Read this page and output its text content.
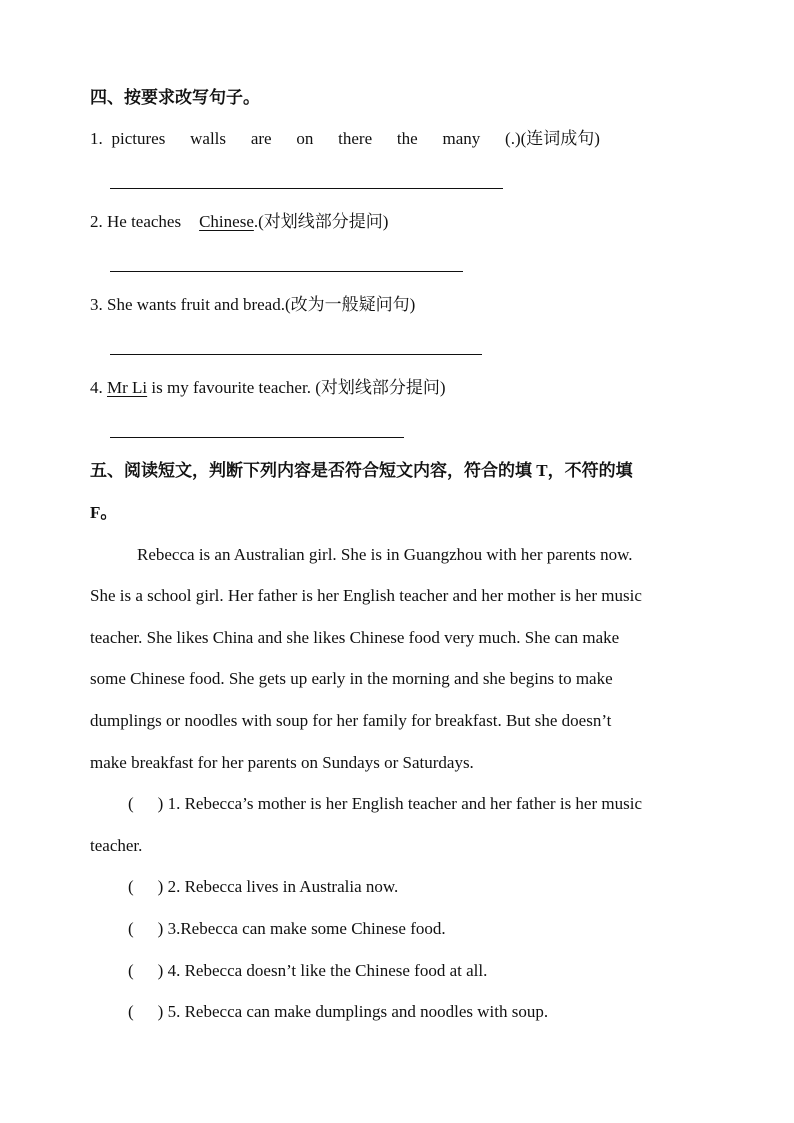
四、按要求改写句子。
1. pictures walls are on there the many (.)(连词成句)
2. He teaches Chinese.(对划线部分提问)
3. She wants fruit and bread.(改为一般疑问句)
4. Mr Li is my favourite teacher. (对划线部分提问)
五、阅读短文，判断下列内容是否符合短文内容，符合的填 T，不符的填
F。
Rebecca is an Australian girl. She is in Guangzhou with her parents now.
She is a school girl. Her father is her English teacher and her mother is her music
teacher. She likes China and she likes Chinese food very much. She can make
some Chinese food. She gets up early in the morning and she begins to make
dumplings or noodles with soup for her family for breakfast. But she doesn’t
make breakfast for her parents on Sundays or Saturdays.
( ) 1. Rebecca’s mother is her English teacher and her father is her music
teacher.
( ) 2. Rebecca lives in Australia now.
( ) 3.Rebecca can make some Chinese food.
( ) 4. Rebecca doesn’t like the Chinese food at all.
( ) 5. Rebecca can make dumplings and noodles with soup.
